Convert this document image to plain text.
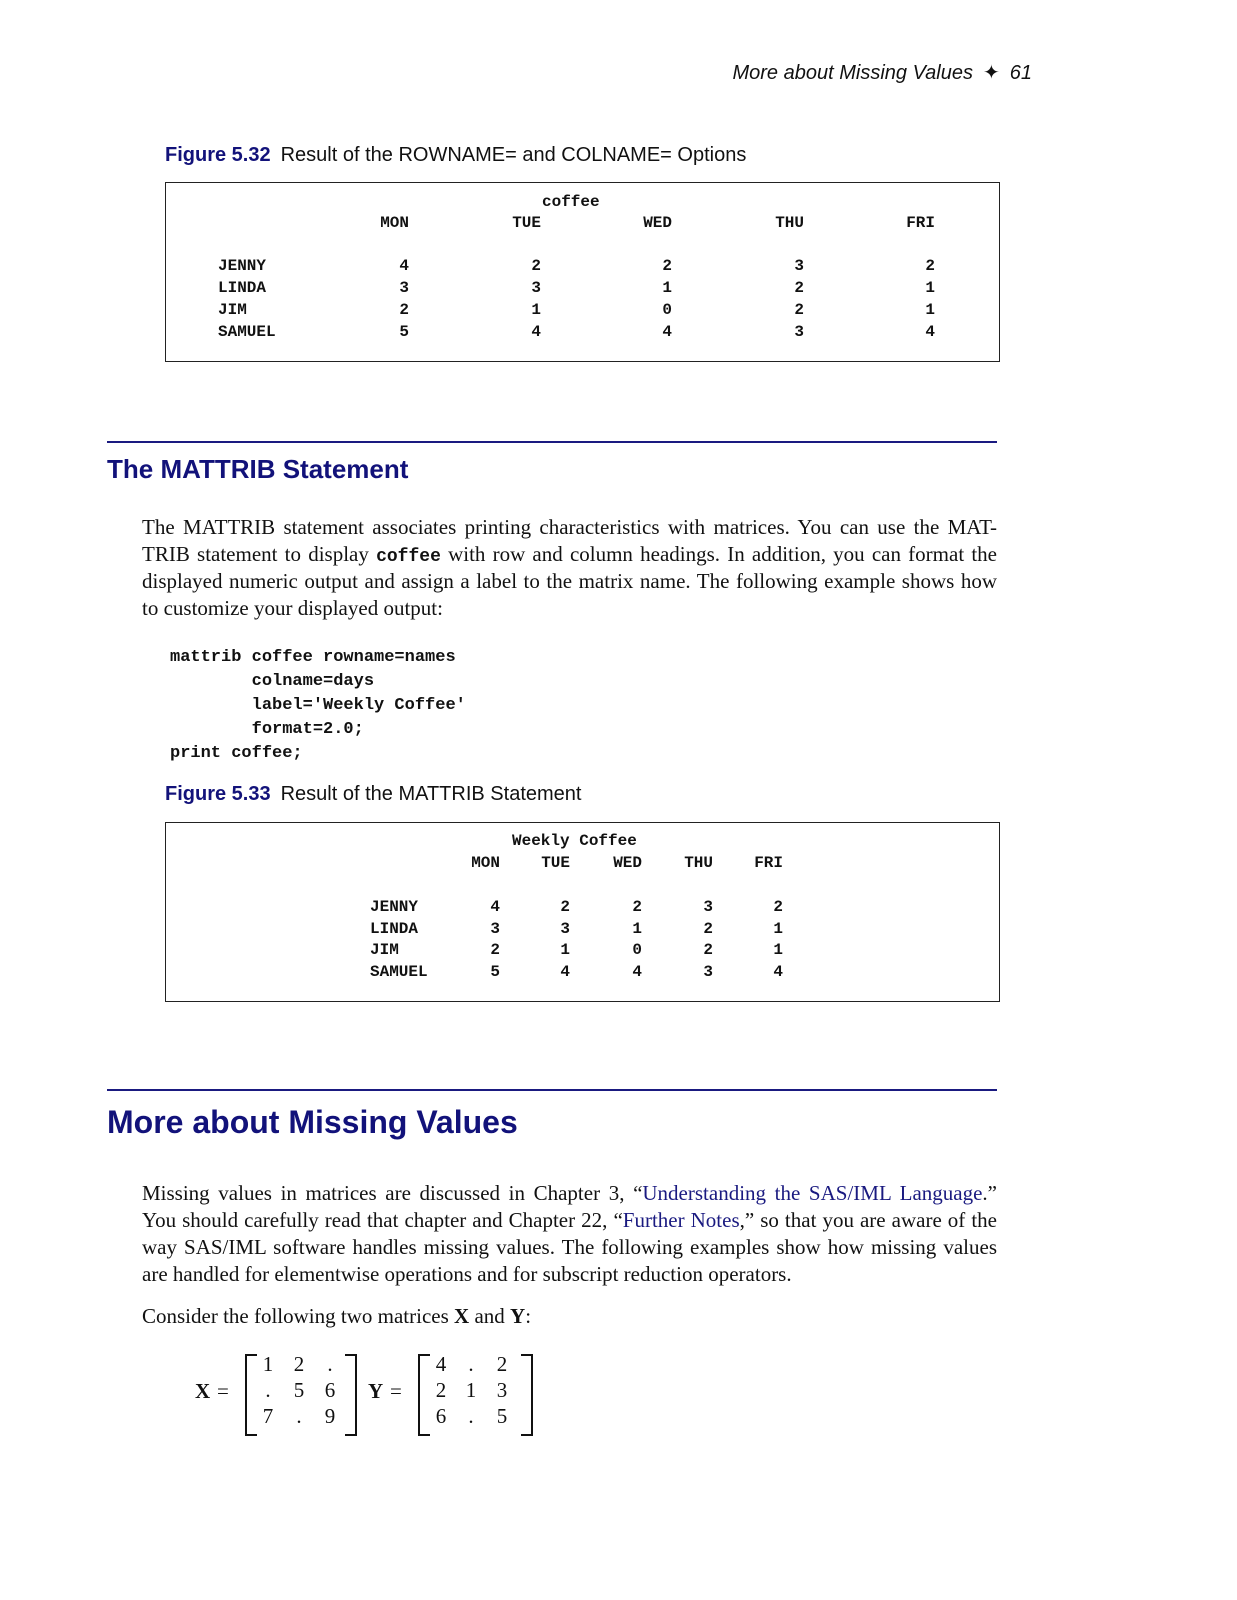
More about Missing Values ✦ 61
Figure 5.32 Result of the ROWNAME= and COLNAME= Options
coffee
MON	TUE	WED	THU	FRI
JENNY	4	2	2	3	2
LINDA	3	3	1	2	1
JIM	2	1	0	2	1
SAMUEL	5	4	4	3	4
The MATTRIB Statement
The MATTRIB statement associates printing characteristics with matrices. You can use the MAT-
TRIB statement to display coffee with row and column headings. In addition, you can format the
displayed numeric output and assign a label to the matrix name. The following example shows how
to customize your displayed output:
mattrib coffee rowname=names
colname=days
label='Weekly Coffee'
format=2.0;
print coffee;
Figure 5.33 Result of the MATTRIB Statement
Weekly Coffee
MON	TUE	WED	THU	FRI
JENNY	4	2	2	3	2
LINDA	3	3	1	2	1
JIM	2	1	0	2	1
SAMUEL	5	4	4	3	4
More about Missing Values
Missing values in matrices are discussed in Chapter 3, “Understanding the SAS/IML Language.”
You should carefully read that chapter and Chapter 22, “Further Notes,” so that you are aware of the
way SAS/IML software handles missing values. The following examples show how missing values
are handled for elementwise operations and for subscript reduction operators.
Consider the following two matrices X and Y:
X =
1 2 .
. 5 6
7 . 9
Y =
4 . 2
2 1 3
6 . 5
